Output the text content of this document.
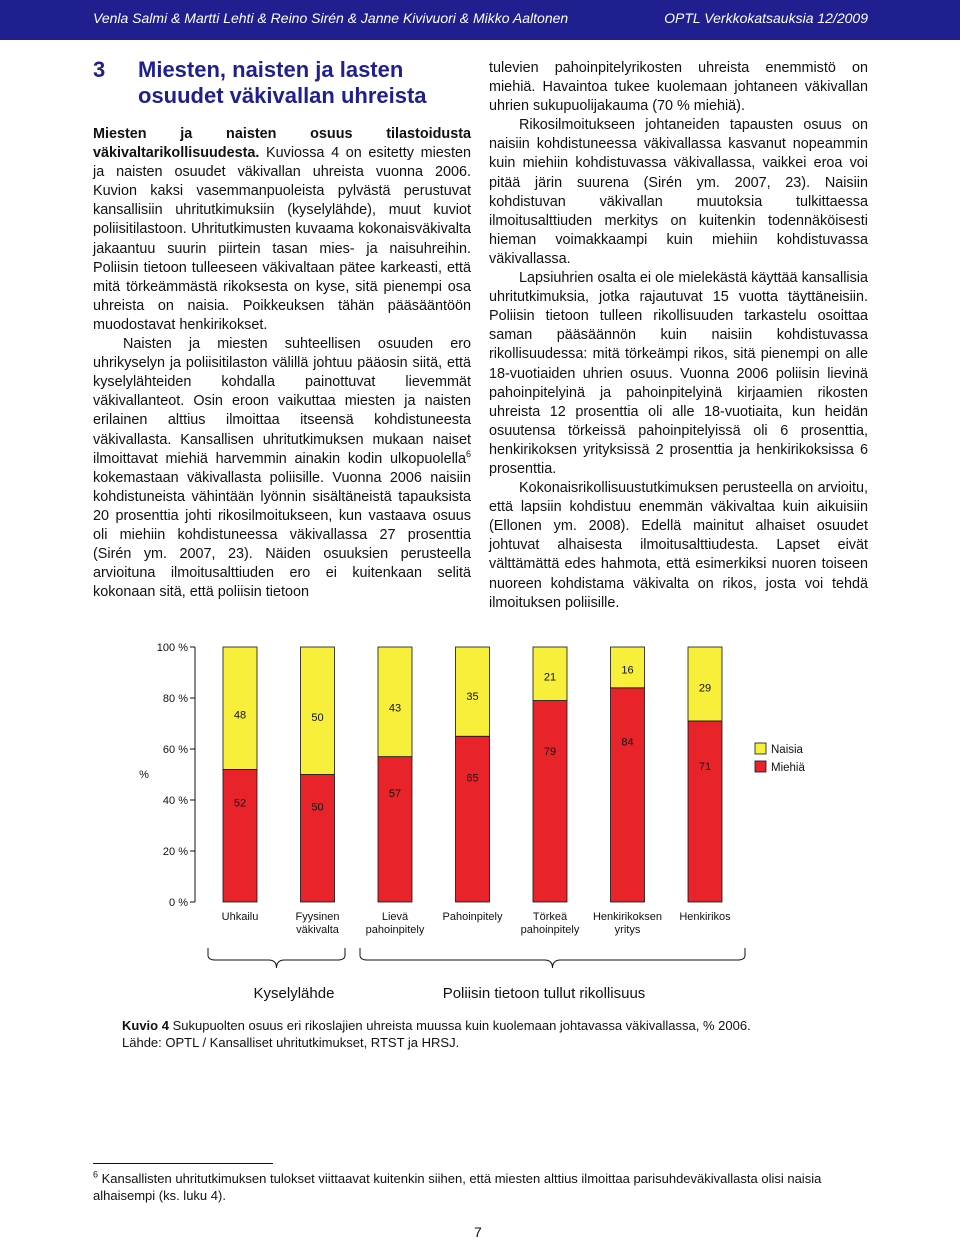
Venla Salmi & Martti Lehti & Reino Sirén & Janne Kivivuori & Mikko Aaltonen	OPTL Verkkokatsauksia 12/2009
3 Miesten, naisten ja lasten osuudet väkivallan uhreista

Miesten ja naisten osuus tilastoidusta väkivaltarikollisuudesta. Kuviossa 4 on esitetty miesten ja naisten osuudet väkivallan uhreista vuonna 2006. Kuvion kaksi vasemmanpuoleista pylvästä perustuvat kansallisiin uhritutkimuksiin (kyselylähde), muut kuviot poliisitilastoon. Uhritutkimusten kuvaama kokonaisväkivalta jakaantuu suurin piirtein tasan mies- ja naisuhreihin. Poliisin tietoon tulleeseen väkivaltaan pätee karkeasti, että mitä törkeämmästä rikoksesta on kyse, sitä pienempi osa uhreista on naisia. Poikkeuksen tähän pääsääntöön muodostavat henkirikokset.

Naisten ja miesten suhteellisen osuuden ero uhrikyselyn ja poliisitilaston välillä johtuu pääosin siitä, että kyselylähteiden kohdalla painottuvat lievemmät väkivallanteot. Osin eroon vaikuttaa miesten ja naisten erilainen alttius ilmoittaa itseensä kohdistuneesta väkivallasta. Kansallisen uhritutkimuksen mukaan naiset ilmoittavat miehiä harvemmin ainakin kodin ulkopuolella$^6$ kokemastaan väkivallasta poliisille. Vuonna 2006 naisiin kohdistuneista vähintään lyönnin sisältäneistä tapauksista 20 prosenttia johti rikosilmoitukseen, kun vastaava osuus oli miehiin kohdistuneessa väkivallassa 27 prosenttia (Sirén ym. 2007, 23). Näiden osuuksien perusteella arvioituna ilmoitusalttiuden ero ei kuitenkaan selitä kokonaan sitä, että poliisin tietoon

tulevien pahoinpitelyrikosten uhreista enemmistö on miehiä. Havaintoa tukee kuolemaan johtaneen väkivallan uhrien sukupuolijakauma (70 % miehiä).

Rikosilmoitukseen johtaneiden tapausten osuus on naisiin kohdistuneessa väkivallassa kasvanut nopeammin kuin miehiin kohdistuvassa väkivallassa, vaikkei eroa voi pitää järin suurena (Sirén ym. 2007, 23). Naisiin kohdistuvan väkivallan muutoksia tulkittaessa ilmoitusalttiuden merkitys on kuitenkin todennäköisesti hieman voimakkaampi kuin miehiin kohdistuvassa väkivallassa.

Lapsiuhrien osalta ei ole mielekästä käyttää kansallisia uhritutkimuksia, jotka rajautuvat 15 vuotta täyttäneisiin. Poliisin tietoon tulleen rikollisuuden tarkastelu osoittaa saman pääsäännön kuin naisiin kohdistuvassa rikollisuudessa: mitä törkeämpi rikos, sitä pienempi on alle 18-vuotiaiden uhrien osuus. Vuonna 2006 poliisin lievinä pahoinpitelyinä ja pahoinpitelyinä kirjaamien rikosten uhreista 12 prosenttia oli alle 18-vuotiaita, kun heidän osuutensa törkeissä pahoinpitelyissä oli 6 prosenttia, henkirikoksen yrityksissä 2 prosenttia ja henkirikoksissa 6 prosenttia.

Kokonaisrikollisuustutkimuksen perusteella on arvioitu, että lapsiin kohdistuu enemmän väkivaltaa kuin aikuisiin (Ellonen ym. 2008). Edellä mainitut alhaiset osuudet johtuvat alhaisesta ilmoitusalttiudesta. Lapset eivät välttämättä edes hahmota, että esimerkiksi nuoren toiseen nuoreen kohdistama väkivalta on rikos, josta voi tehdä ilmoituksen poliisille.

0 %
20 %
40 %
60 %
80 %
100 %
%
52
48
Uhkailu
50
50
Fyysinen
väkivalta
57
43
Lievä
pahoinpitely
65
35
Pahoinpitely
79
21
Törkeä
pahoinpitely
84
16
Henkirikoksen
yritys
71
29
Henkirikos
Naisia
Miehiä
Kyselylähde	Poliisin tietoon tullut rikollisuus
Kuvio 4 Sukupuolten osuus eri rikoslajien uhreista muussa kuin kuolemaan johtavassa väkivallassa, % 2006.
Lähde: OPTL / Kansalliset uhritutkimukset, RTST ja HRSJ.
$^6$ Kansallisten uhritutkimuksen tulokset viittaavat kuitenkin siihen, että miesten alttius ilmoittaa parisuhdeväkivallasta olisi naisia alhaisempi (ks. luku 4).
7
